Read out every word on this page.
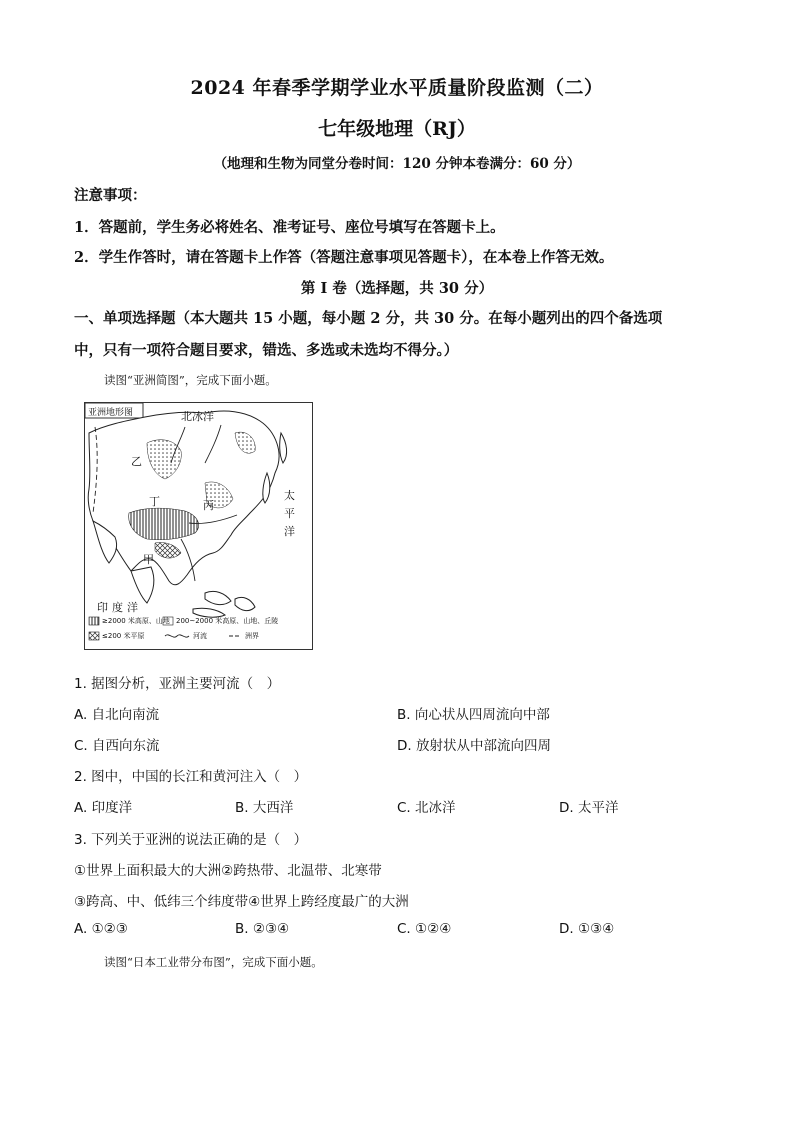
2024 年春季学期学业水平质量阶段监测（二）
七年级地理（RJ）
（地理和生物为同堂分卷时间：120 分钟本卷满分：60 分）
注意事项：
1．答题前，学生务必将姓名、准考证号、座位号填写在答题卡上。
2．学生作答时，请在答题卡上作答（答题注意事项见答题卡），在本卷上作答无效。
第 I 卷（选择题，共 30 分）
一、单项选择题（本大题共 15 小题，每小题 2 分，共 30 分。在每小题列出的四个备选项
中，只有一项符合题目要求，错选、多选或未选均不得分。）
读图“亚洲简图”，完成下面小题。
亚洲地形图	北冰洋
太
平
洋
印度洋
乙
丁	丙
甲
≥2000 米高原、山地 200~2000 米高原、山地、丘陵
≤200 米平原	河流	洲界
1. 据图分析，亚洲主要河流（　）
A. 自北向南流	B. 向心状从四周流向中部
C. 自西向东流	D. 放射状从中部流向四周
2. 图中，中国的长江和黄河注入（　）
A. 印度洋	B. 大西洋	C. 北冰洋	D. 太平洋
3. 下列关于亚洲的说法正确的是（　）
①世界上面积最大的大洲②跨热带、北温带、北寒带
③跨高、中、低纬三个纬度带④世界上跨经度最广的大洲
A. ①②③	B. ②③④	C. ①②④	D. ①③④
读图“日本工业带分布图”，完成下面小题。
